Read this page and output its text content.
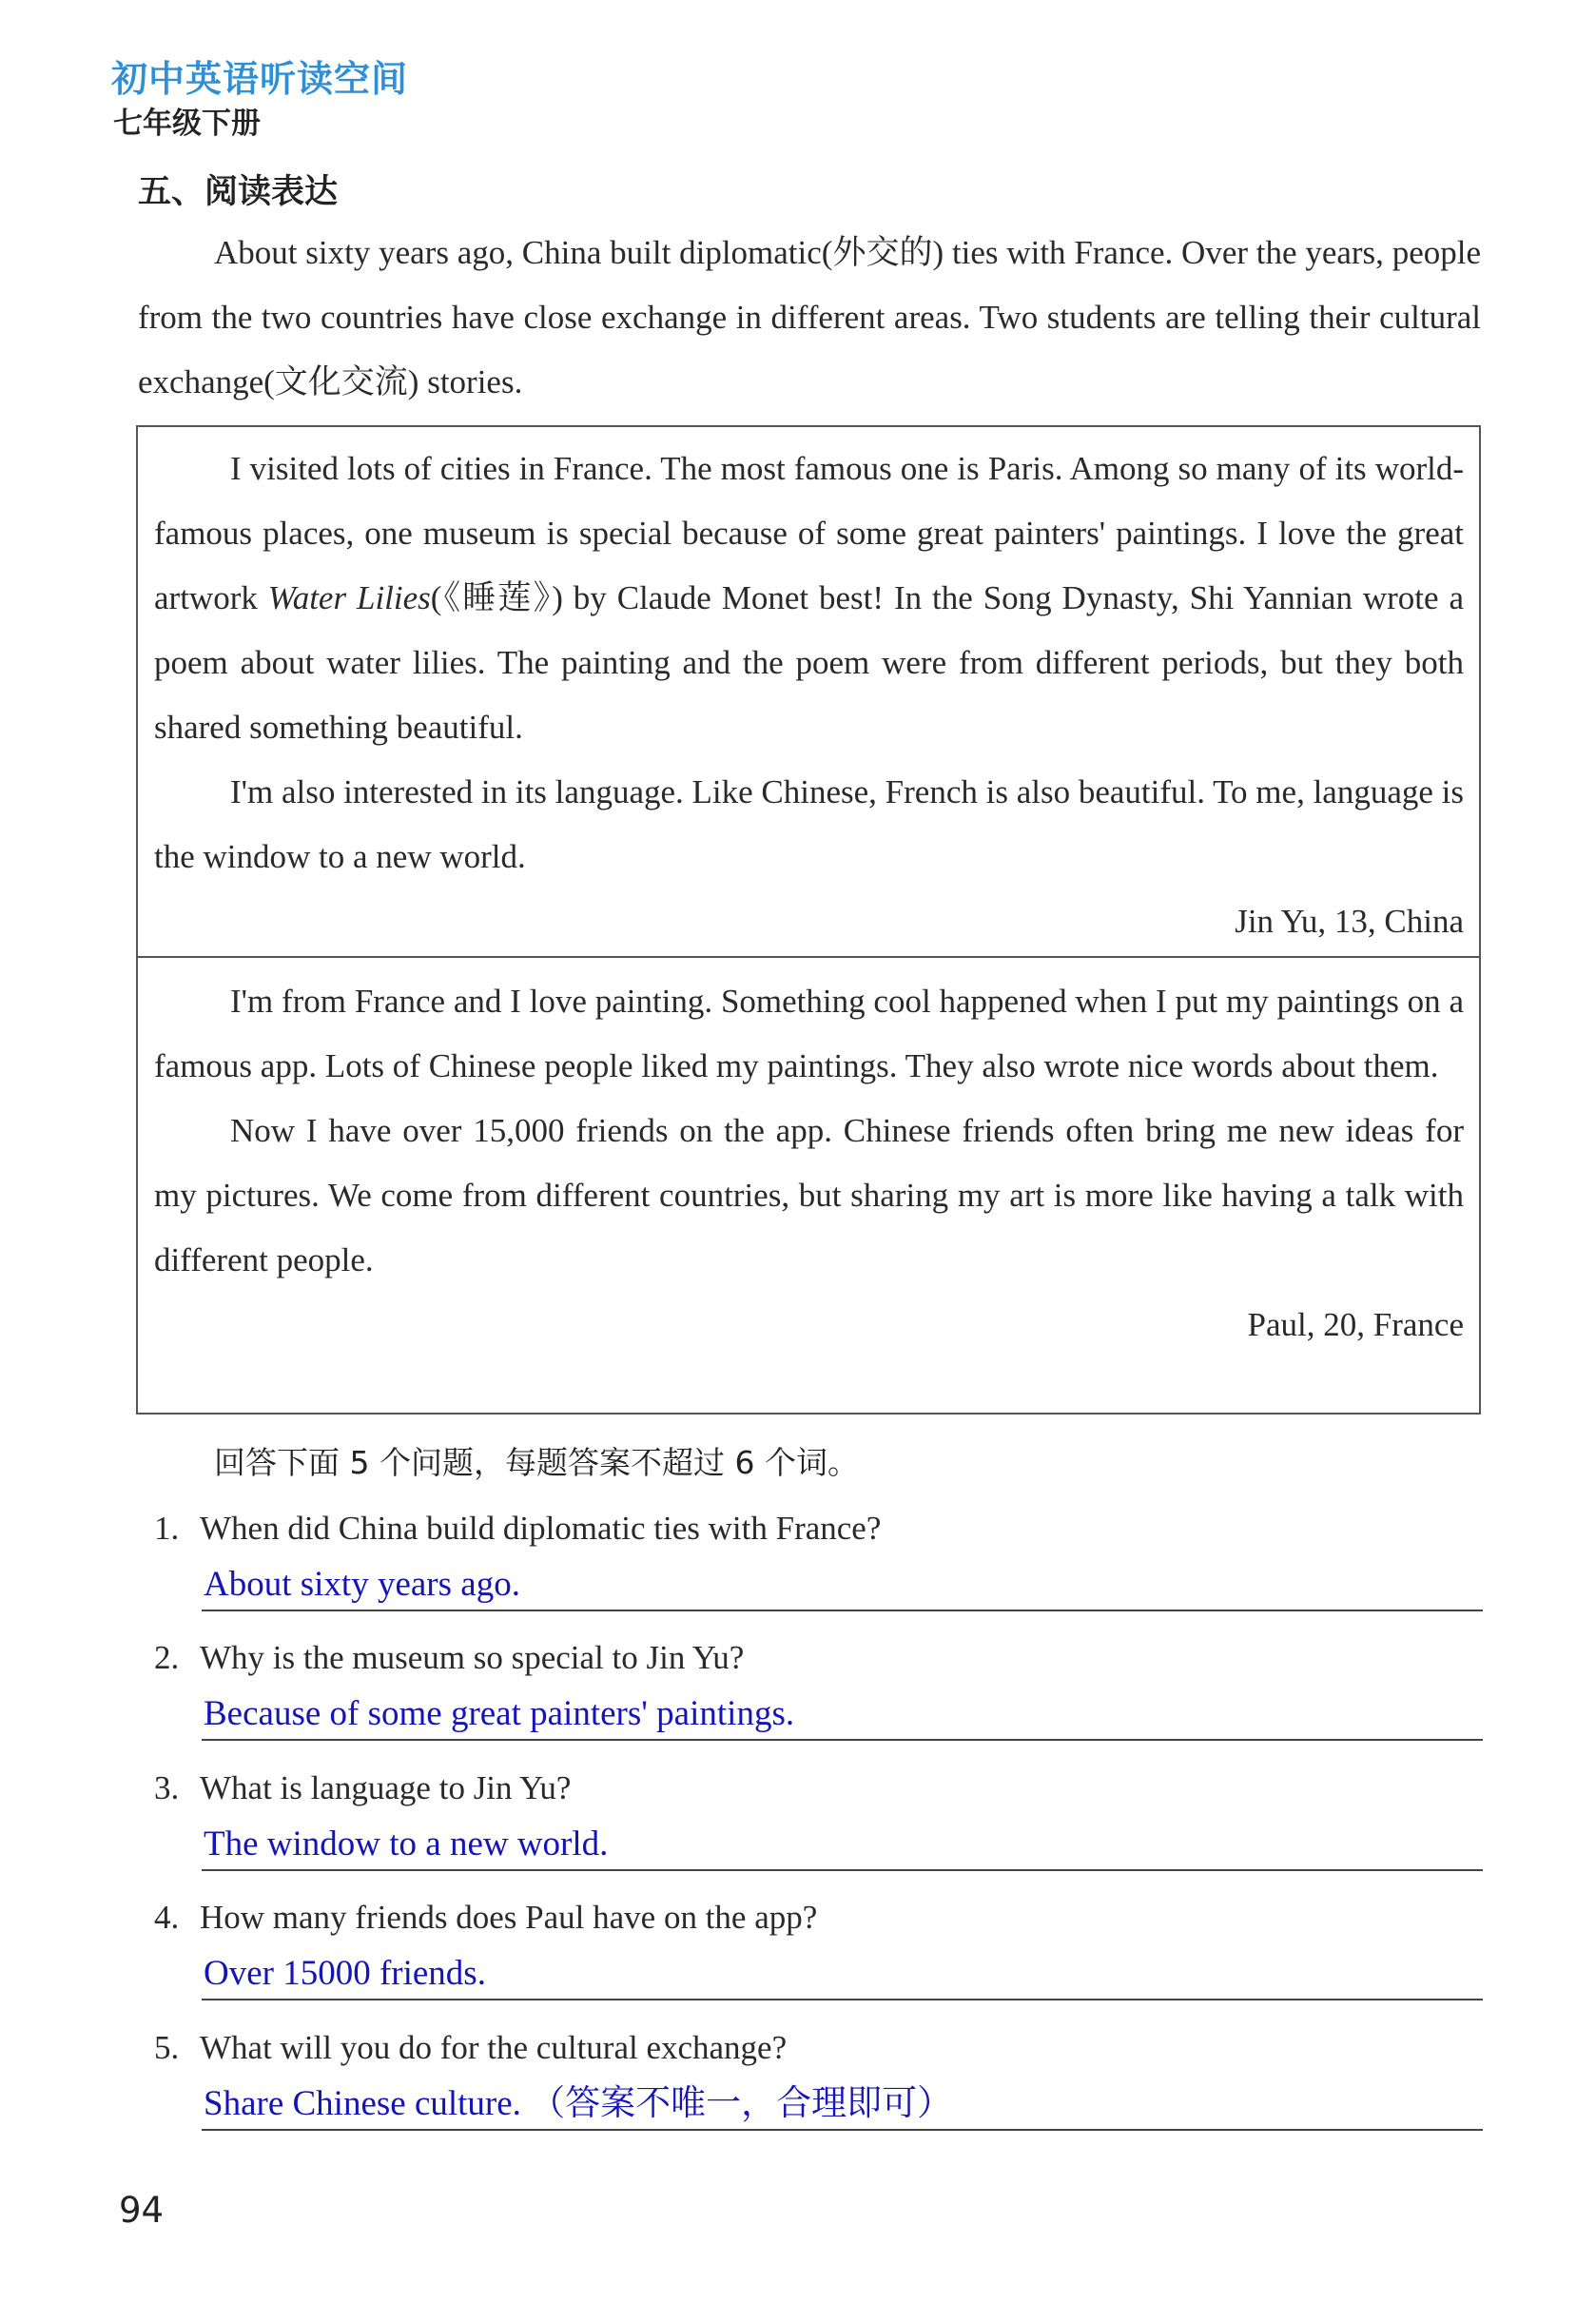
初中英语听读空间
七年级下册
五、阅读表达

About sixty years ago, China built diplomatic(外交的) ties with France. Over the years, people from the two countries have close exchange in different areas. Two students are telling their cultural exchange(文化交流) stories.

I visited lots of cities in France. The most famous one is Paris. Among so many of its world-famous places, one museum is special because of some great painters' paintings. I love the great artwork Water Lilies(《睡莲》) by Claude Monet best! In the Song Dynasty, Shi Yannian wrote a poem about water lilies. The painting and the poem were from different periods, but they both shared something beautiful.

I'm also interested in its language. Like Chinese, French is also beautiful. To me, language is the window to a new world.

Jin Yu, 13, China

I'm from France and I love painting. Something cool happened when I put my paintings on a famous app. Lots of Chinese people liked my paintings. They also wrote nice words about them.

Now I have over 15,000 friends on the app. Chinese friends often bring me new ideas for my pictures. We come from different countries, but sharing my art is more like having a talk with different people.

Paul, 20, France
回答下面 5 个问题，每题答案不超过 6 个词。

1. When did China build diplomatic ties with France?

About sixty years ago.

2. Why is the museum so special to Jin Yu?

Because of some great painters' paintings.

3. What is language to Jin Yu?

The window to a new world.

4. How many friends does Paul have on the app?

Over 15000 friends.

5. What will you do for the cultural exchange?

Share Chinese culture. （答案不唯一，合理即可）
94
